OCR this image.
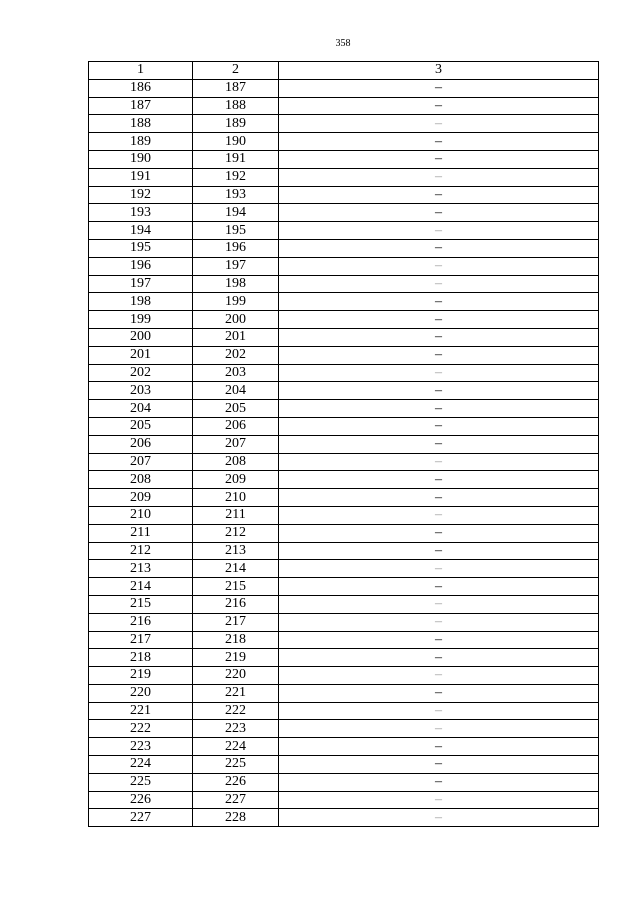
358
1	2	3
186	187	–
187	188	–
188	189	–
189	190	–
190	191	–
191	192	–
192	193	–
193	194	–
194	195	–
195	196	–
196	197	–
197	198	–
198	199	–
199	200	–
200	201	–
201	202	–
202	203	–
203	204	–
204	205	–
205	206	–
206	207	–
207	208	–
208	209	–
209	210	–
210	211	–
211	212	–
212	213	–
213	214	–
214	215	–
215	216	–
216	217	–
217	218	–
218	219	–
219	220	–
220	221	–
221	222	–
222	223	–
223	224	–
224	225	–
225	226	–
226	227	–
227	228	–
